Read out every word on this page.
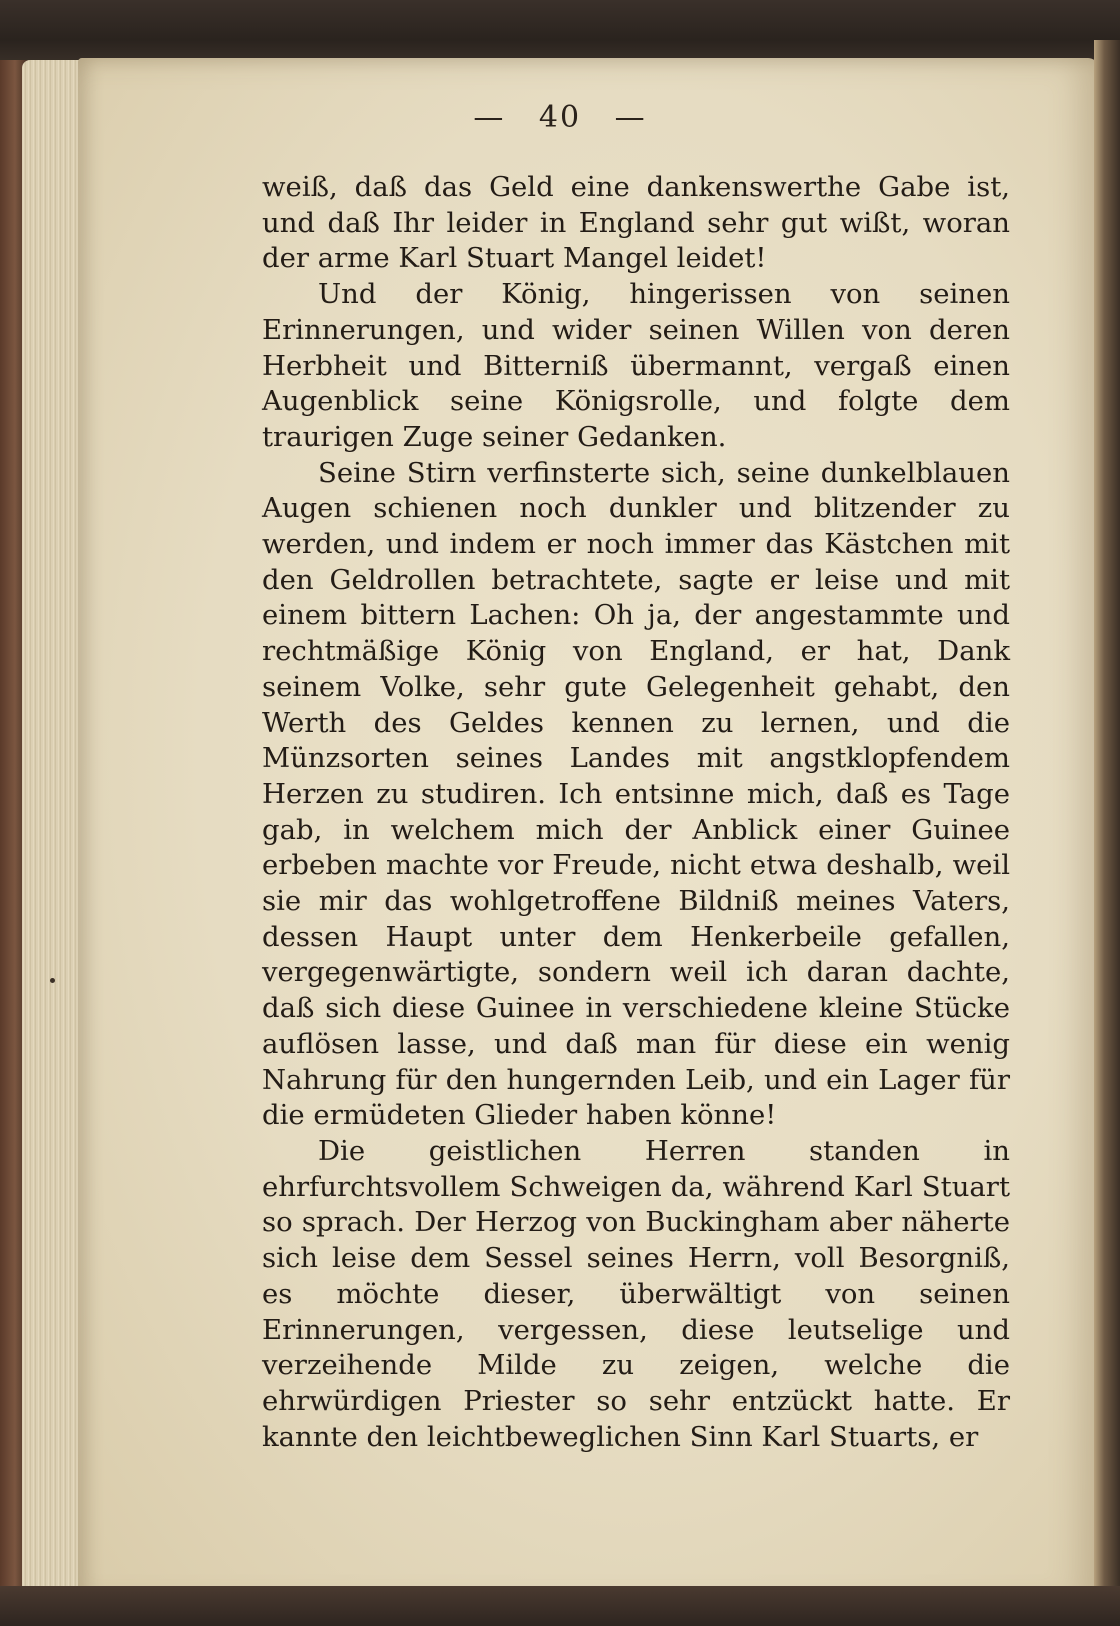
— 40 —

weiß, daß das Geld eine dankenswerthe Gabe ist, und daß Ihr leider in England sehr gut wißt, woran der arme Karl Stuart Mangel leidet!

Und der König, hingerissen von seinen Erinnerungen, und wider seinen Willen von deren Herbheit und Bitterniß übermannt, vergaß einen Augenblick seine Königsrolle, und folgte dem traurigen Zuge seiner Gedanken.

Seine Stirn verfinsterte sich, seine dunkelblauen Augen schienen noch dunkler und blitzender zu werden, und indem er noch immer das Kästchen mit den Geldrollen betrachtete, sagte er leise und mit einem bittern Lachen: Oh ja, der angestammte und rechtmäßige König von England, er hat, Dank seinem Volke, sehr gute Gelegenheit gehabt, den Werth des Geldes kennen zu lernen, und die Münzsorten seines Landes mit angstklopfendem Herzen zu studiren. Ich entsinne mich, daß es Tage gab, in welchem mich der Anblick einer Guinee erbeben machte vor Freude, nicht etwa deshalb, weil sie mir das wohlgetroffene Bildniß meines Vaters, dessen Haupt unter dem Henkerbeile gefallen, vergegenwärtigte, sondern weil ich daran dachte, daß sich diese Guinee in verschiedene kleine Stücke auflösen lasse, und daß man für diese ein wenig Nahrung für den hungernden Leib, und ein Lager für die ermüdeten Glieder haben könne!

Die geistlichen Herren standen in ehrfurchtsvollem Schweigen da, während Karl Stuart so sprach. Der Herzog von Buckingham aber näherte sich leise dem Sessel seines Herrn, voll Besorgniß, es möchte dieser, überwältigt von seinen Erinnerungen, vergessen, diese leutselige und verzeihende Milde zu zeigen, welche die ehrwürdigen Priester so sehr entzückt hatte. Er kannte den leichtbeweglichen Sinn Karl Stuarts, er
